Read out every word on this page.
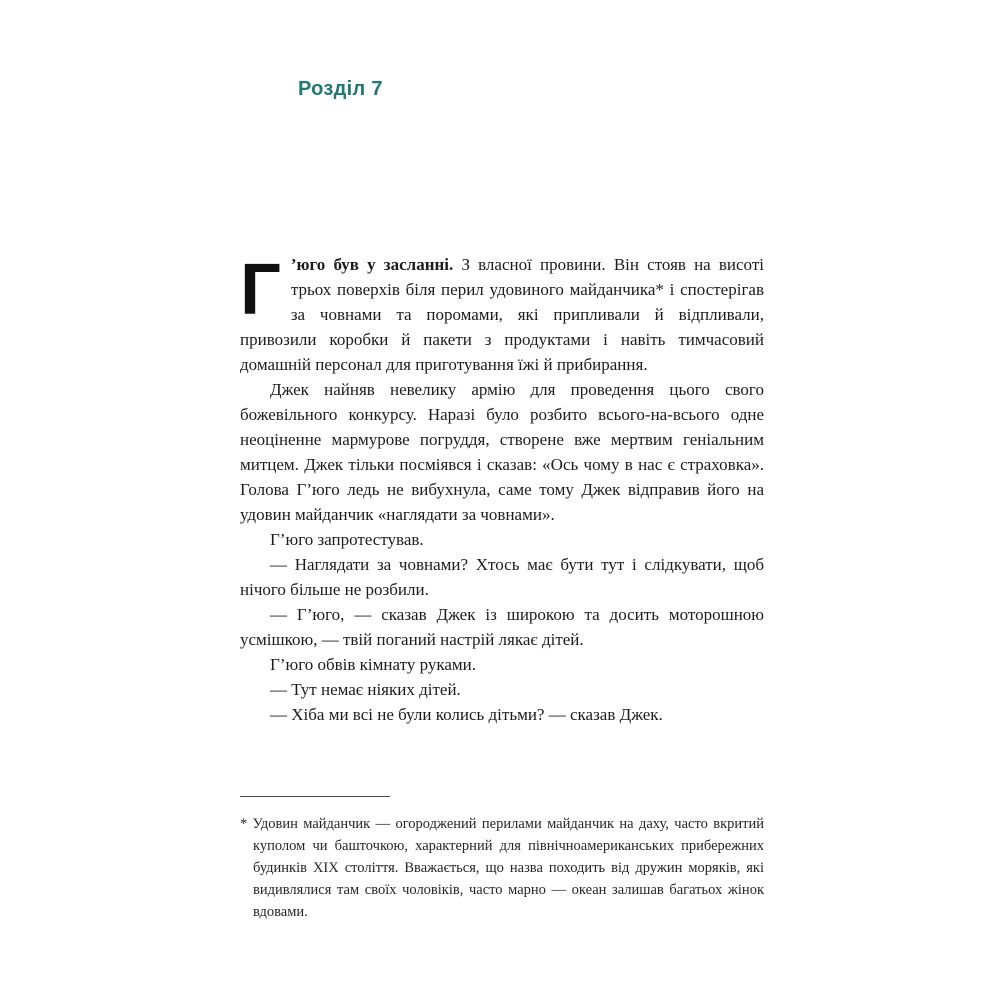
Розділ 7

Г ’юго був у засланні. З власної провини. Він стояв на висоті трьох поверхів біля перил удовиного майданчика* і спостерігав за човнами та поромами, які припливали й відпливали, привозили коробки й пакети з продуктами і навіть тимчасовий домашній персонал для приготування їжі й прибирання.

Джек найняв невелику армію для проведення цього свого божевільного конкурсу. Наразі було розбито всього-на-всього одне неоціненне мармурове погруддя, створене вже мертвим геніальним митцем. Джек тільки посміявся і сказав: «Ось чому в нас є страховка». Голова Г’юго ледь не вибухнула, саме тому Джек відправив його на удовин майданчик «наглядати за човнами».

Г’юго запротестував.

— Наглядати за човнами? Хтось має бути тут і слідкувати, щоб нічого більше не розбили.

— Г’юго, — сказав Джек із широкою та досить моторошною усмішкою, — твій поганий настрій лякає дітей.

Г’юго обвів кімнату руками.

— Тут немає ніяких дітей.

— Хіба ми всі не були колись дітьми? — сказав Джек.

* Удовин майданчик — огороджений перилами майданчик на даху, часто вкритий куполом чи башточкою, характерний для північноамериканських прибережних будинків XIX століття. Вважається, що назва походить від дружин моряків, які видивлялися там своїх чоловіків, часто марно — океан залишав багатьох жінок вдовами.
